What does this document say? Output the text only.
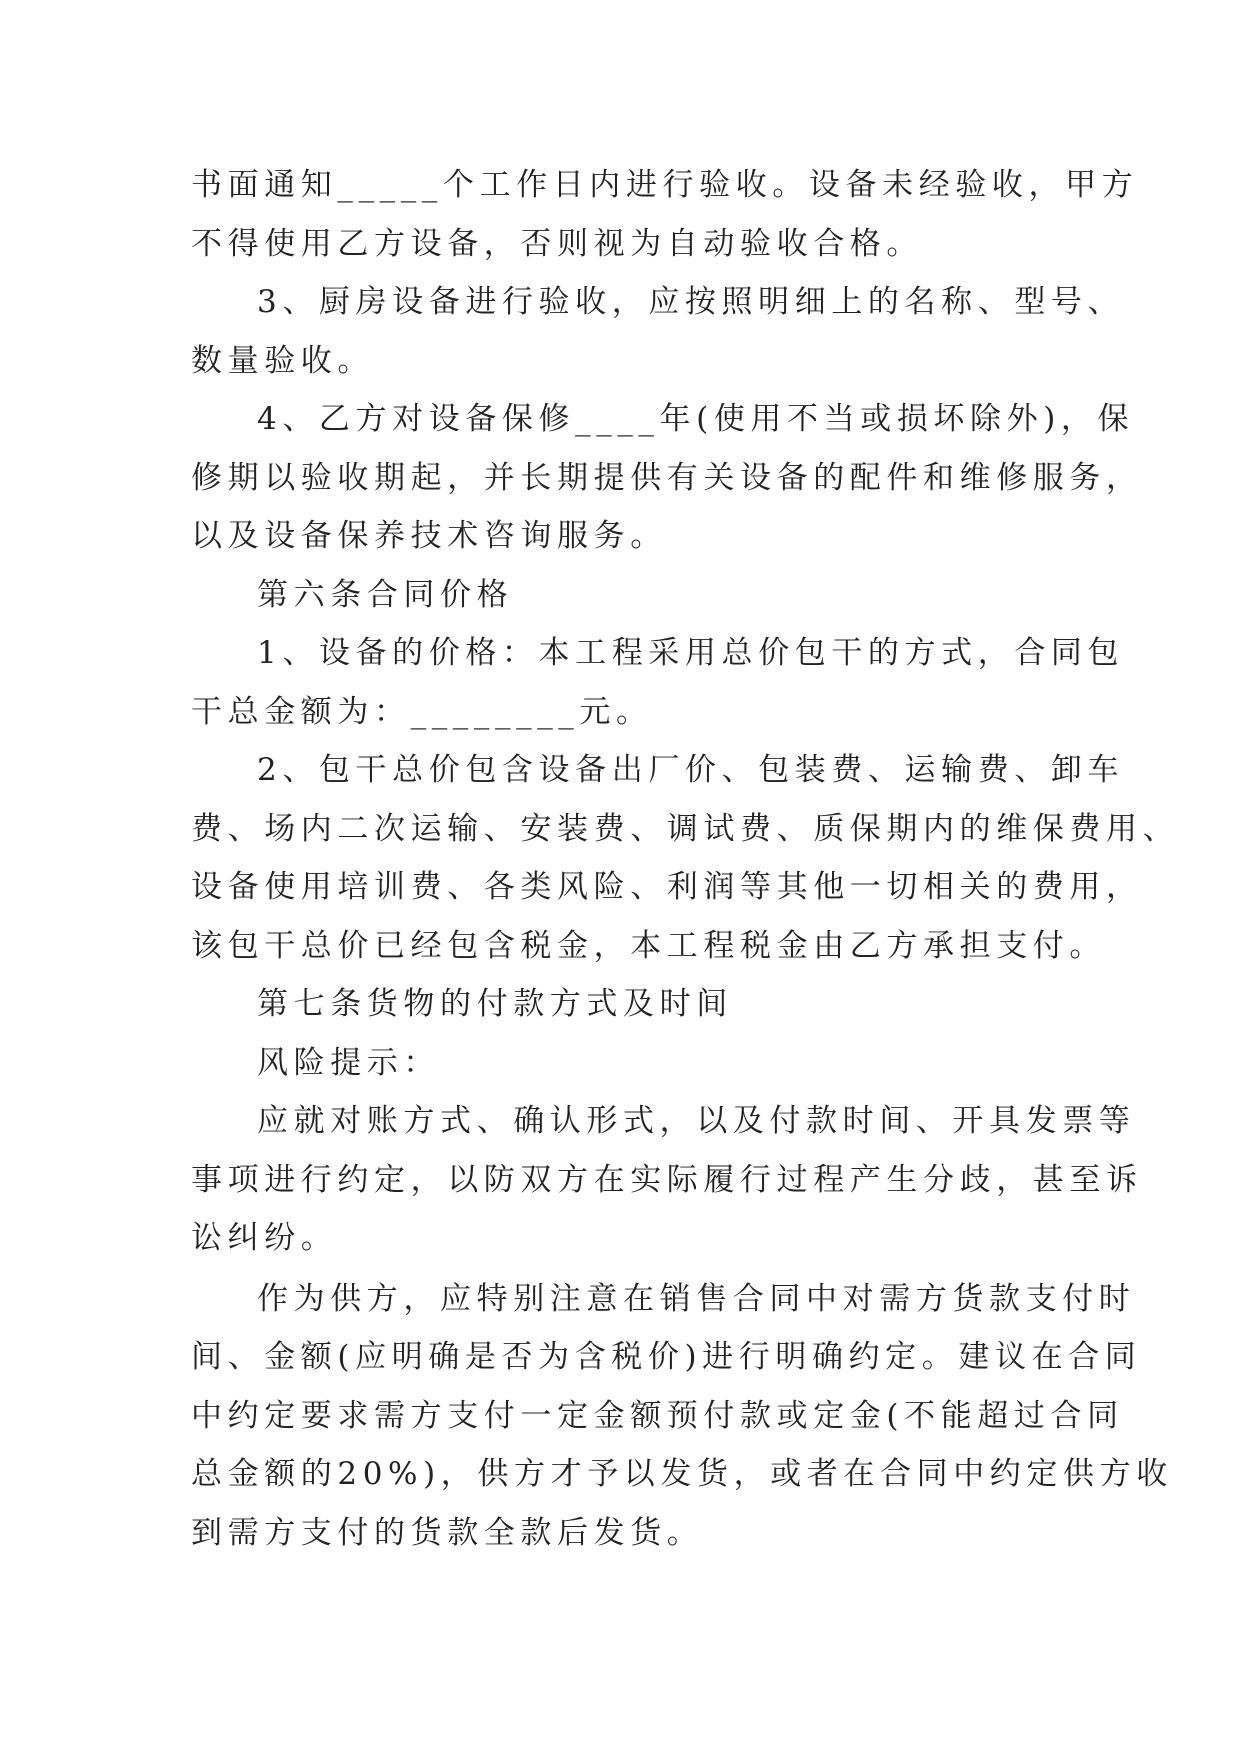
书面通知_____个工作日内进行验收。设备未经验收，甲方
不得使用乙方设备，否则视为自动验收合格。
3、厨房设备进行验收，应按照明细上的名称、型号、
数量验收。
4、乙方对设备保修____年(使用不当或损坏除外)，保
修期以验收期起，并长期提供有关设备的配件和维修服务，
以及设备保养技术咨询服务。
第六条合同价格
1、设备的价格：本工程采用总价包干的方式，合同包
干总金额为：________元。
2、包干总价包含设备出厂价、包装费、运输费、卸车
费、场内二次运输、安装费、调试费、质保期内的维保费用、
设备使用培训费、各类风险、利润等其他一切相关的费用，
该包干总价已经包含税金，本工程税金由乙方承担支付。
第七条货物的付款方式及时间
风险提示：
应就对账方式、确认形式，以及付款时间、开具发票等
事项进行约定，以防双方在实际履行过程产生分歧，甚至诉
讼纠纷。
作为供方，应特别注意在销售合同中对需方货款支付时
间、金额(应明确是否为含税价)进行明确约定。建议在合同
中约定要求需方支付一定金额预付款或定金(不能超过合同
总金额的20%)，供方才予以发货，或者在合同中约定供方收
到需方支付的货款全款后发货。
